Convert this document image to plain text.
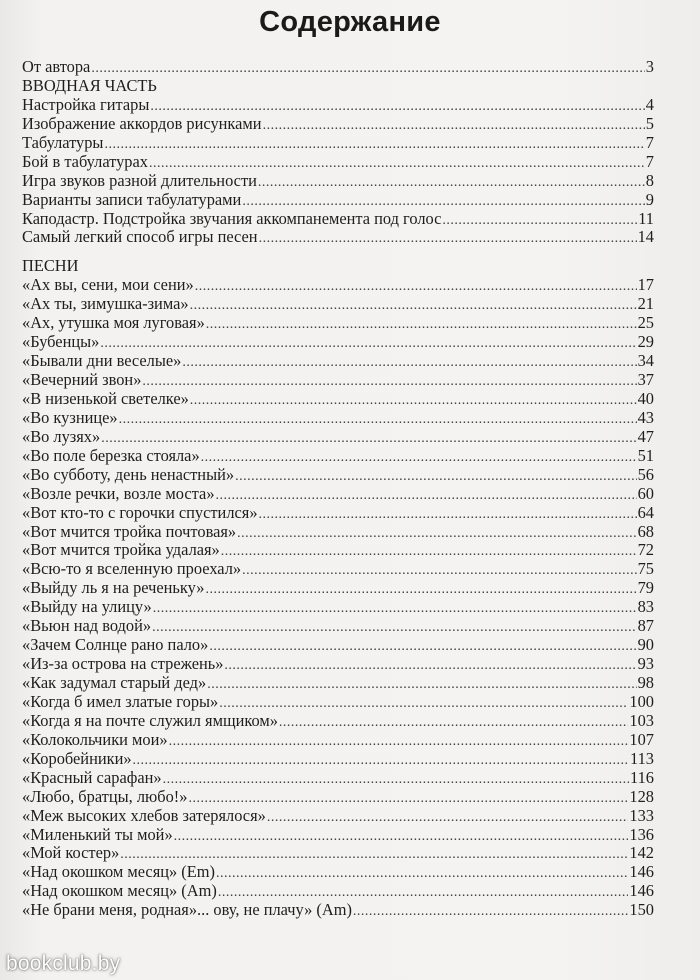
Содержание
От автора .....	3
ВВОДНАЯ ЧАСТЬ
Настройка гитары .....	4
Изображение аккордов рисунками .....	5
Табулатуры .....	7
Бой в табулатурах .....	7
Игра звуков разной длительности .....	8
Варианты записи табулатурами .....	9
Каподастр. Подстройка звучания аккомпанемента под голос .....	11
Самый легкий способ игры песен .....	14
ПЕСНИ
«Ах вы, сени, мои сени» .....	17
«Ах ты, зимушка-зима» .....	21
«Ах, утушка моя луговая» .....	25
«Бубенцы» .....	29
«Бывали дни веселые» .....	34
«Вечерний звон» .....	37
«В низенькой светелке» .....	40
«Во кузнице» .....	43
«Во лузях» .....	47
«Во поле березка стояла» .....	51
«Во субботу, день ненастный» .....	56
«Возле речки, возле моста» .....	60
«Вот кто-то с горочки спустился» .....	64
«Вот мчится тройка почтовая» .....	68
«Вот мчится тройка удалая» .....	72
«Всю-то я вселенную проехал» .....	75
«Выйду ль я на реченьку» .....	79
«Выйду на улицу» .....	83
«Вьюн над водой» .....	87
«Зачем Солнце рано пало» .....	90
«Из-за острова на стрежень» .....	93
«Как задумал старый дед» .....	98
«Когда б имел златые горы» .....	100
«Когда я на почте служил ямщиком» .....	103
«Колокольчики мои» .....	107
«Коробейники» .....	113
«Красный сарафан» .....	116
«Любо, братцы, любо!» .....	128
«Меж высоких хлебов затерялося» .....	133
«Миленький ты мой» .....	136
«Мой костер» .....	142
«Над окошком месяц» (Em) .....	146
«Над окошком месяц» (Am) .....	146
«Не брани меня, родная»... ову, не плачу» (Am) .....	150
bookclub.by
